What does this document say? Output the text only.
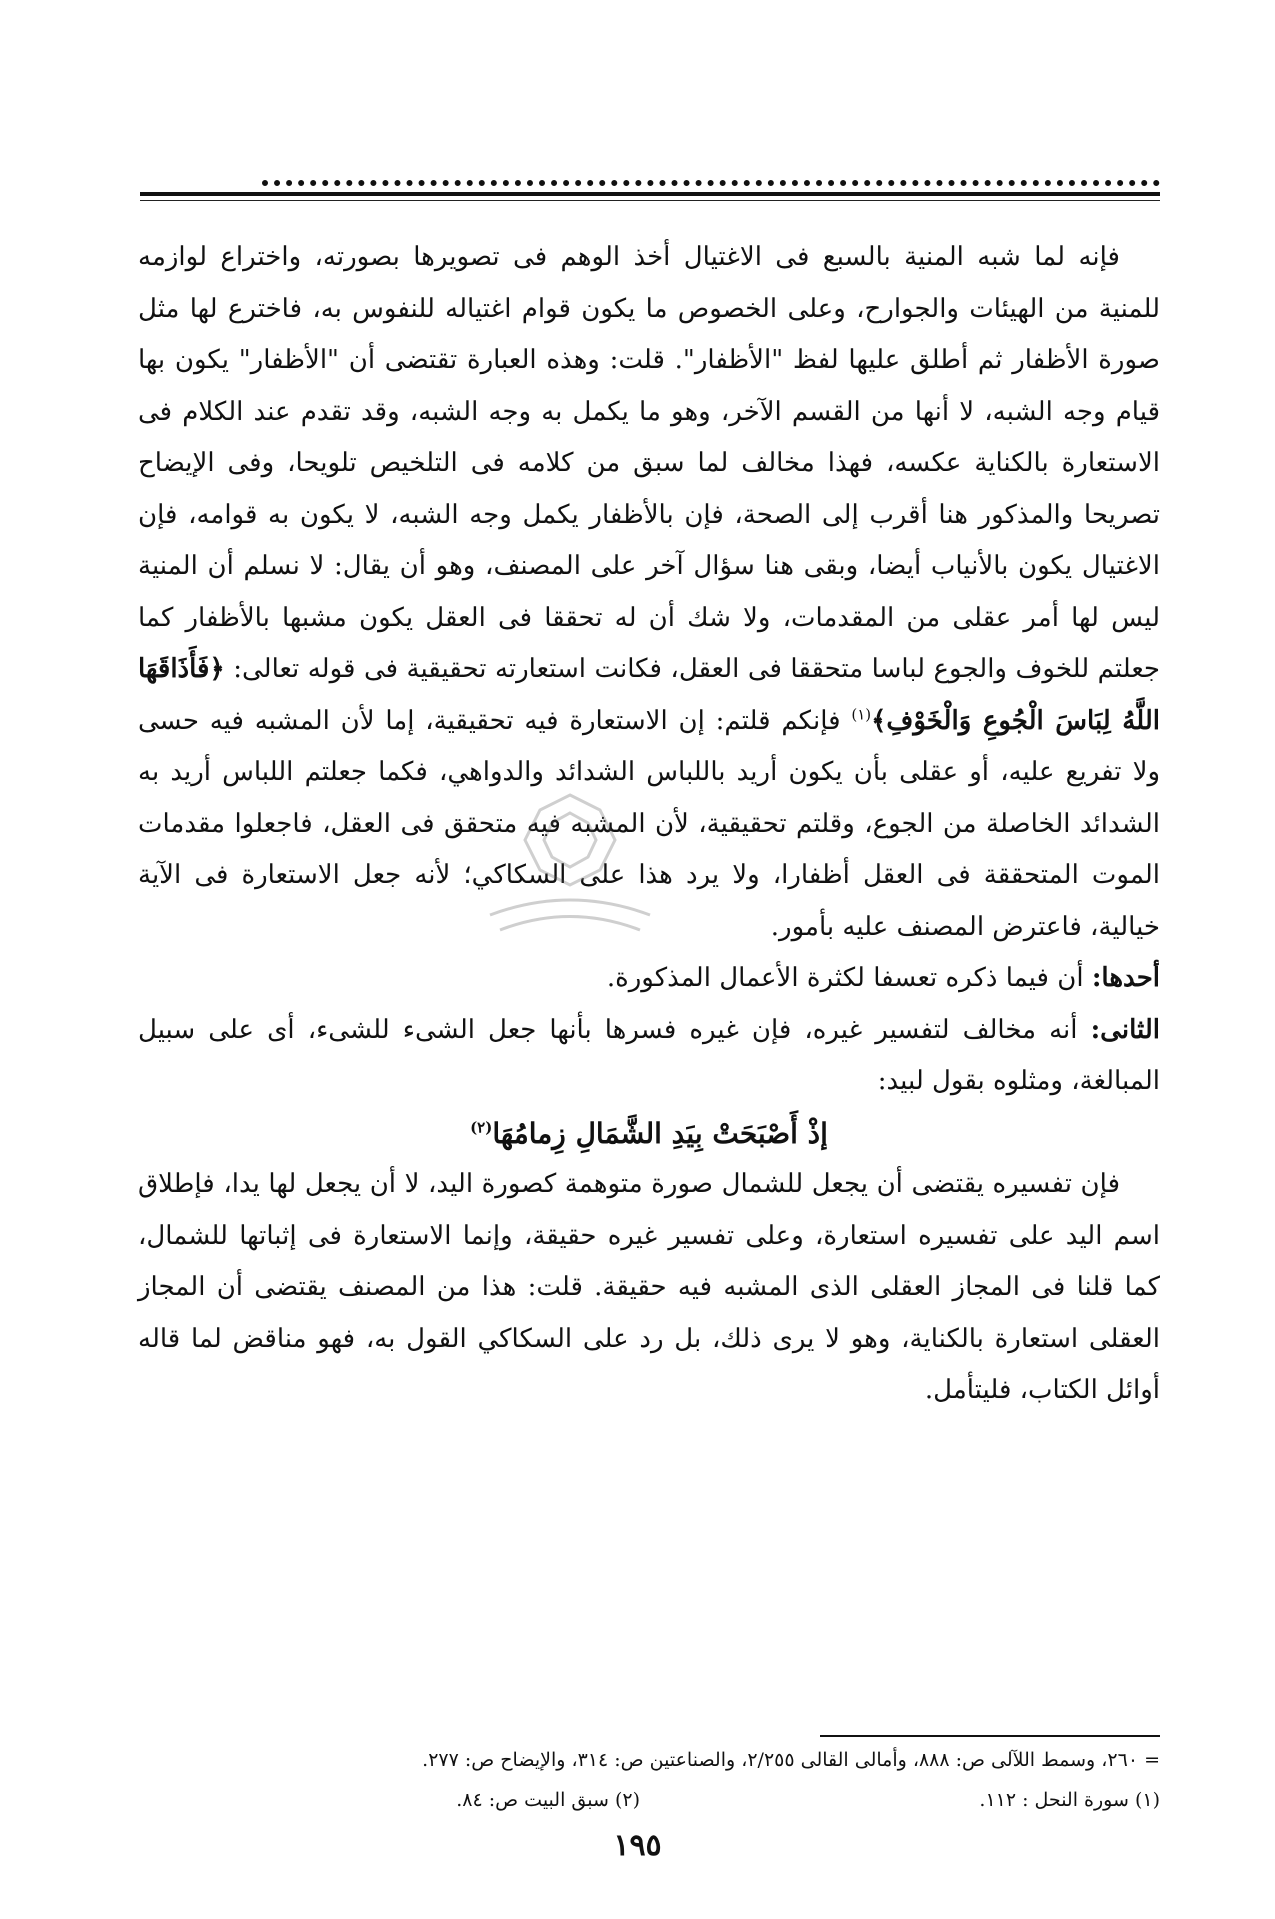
فإنه لما شبه المنية بالسبع فى الاغتيال أخذ الوهم فى تصويرها بصورته، واختراع لوازمه للمنية من الهيئات والجوارح، وعلى الخصوص ما يكون قوام اغتياله للنفوس به، فاخترع لها مثل صورة الأظفار ثم أطلق عليها لفظ "الأظفار". قلت: وهذه العبارة تقتضى أن "الأظفار" يكون بها قيام وجه الشبه، لا أنها من القسم الآخر، وهو ما يكمل به وجه الشبه، وقد تقدم عند الكلام فى الاستعارة بالكناية عكسه، فهذا مخالف لما سبق من كلامه فى التلخيص تلويحا، وفى الإيضاح تصريحا والمذكور هنا أقرب إلى الصحة، فإن بالأظفار يكمل وجه الشبه، لا يكون به قوامه، فإن الاغتيال يكون بالأنياب أيضا، وبقى هنا سؤال آخر على المصنف، وهو أن يقال: لا نسلم أن المنية ليس لها أمر عقلى من المقدمات، ولا شك أن له تحققا فى العقل يكون مشبها بالأظفار كما جعلتم للخوف والجوع لباسا متحققا فى العقل، فكانت استعارته تحقيقية فى قوله تعالى: ﴿فَأَذَاقَهَا اللَّهُ لِبَاسَ الْجُوعِ وَالْخَوْفِ﴾$^{(١)}$ فإنكم قلتم: إن الاستعارة فيه تحقيقية، إما لأن المشبه فيه حسى ولا تفريع عليه، أو عقلى بأن يكون أريد باللباس الشدائد والدواهي، فكما جعلتم اللباس أريد به الشدائد الخاصلة من الجوع، وقلتم تحقيقية، لأن المشبه فيه متحقق فى العقل، فاجعلوا مقدمات الموت المتحققة فى العقل أظفارا، ولا يرد هذا على السكاكي؛ لأنه جعل الاستعارة فى الآية خيالية، فاعترض المصنف عليه بأمور.

أحدها: أن فيما ذكره تعسفا لكثرة الأعمال المذكورة.

الثانى: أنه مخالف لتفسير غيره، فإن غيره فسرها بأنها جعل الشىء للشىء، أى على سبيل المبالغة، ومثلوه بقول لبيد:

إذْ أَصْبَحَتْ بِيَدِ الشَّمَالِ زِمامُهَا$^{(٢)}$

فإن تفسيره يقتضى أن يجعل للشمال صورة متوهمة كصورة اليد، لا أن يجعل لها يدا، فإطلاق اسم اليد على تفسيره استعارة، وعلى تفسير غيره حقيقة، وإنما الاستعارة فى إثباتها للشمال، كما قلنا فى المجاز العقلى الذى المشبه فيه حقيقة. قلت: هذا من المصنف يقتضى أن المجاز العقلى استعارة بالكناية، وهو لا يرى ذلك، بل رد على السكاكي القول به، فهو مناقض لما قاله أوائل الكتاب، فليتأمل.

= ٢٦٠، وسمط اللآلى ص: ٨٨٨، وأمالى القالى ٢/٢٥٥، والصناعتين ص: ٣١٤، والإيضاح ص: ٢٧٧.
(١) سورة النحل : ١١٢.
(٢) سبق البيت ص: ٨٤.
١٩٥
